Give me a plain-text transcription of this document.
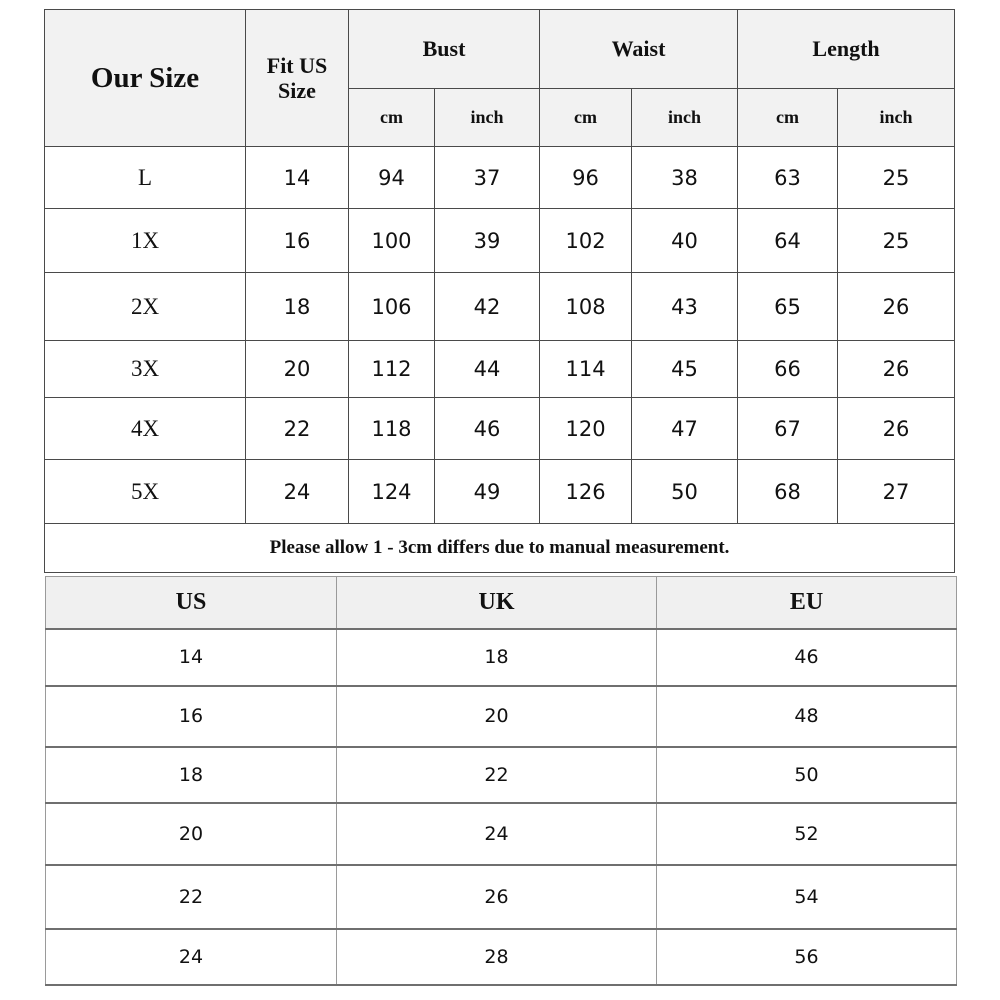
Our Size	Fit US
Size	Bust		Waist		Length	
		cm	inch	cm	inch	cm	inch
L	14	94	37	96	38	63	25
1X	16	100	39	102	40	64	25
2X	18	106	42	108	43	65	26
3X	20	112	44	114	45	66	26
4X	22	118	46	120	47	67	26
5X	24	124	49	126	50	68	27
Please allow 1 - 3cm differs due to manual measurement.							
US	UK	EU
14	18	46
16	20	48
18	22	50
20	24	52
22	26	54
24	28	56
